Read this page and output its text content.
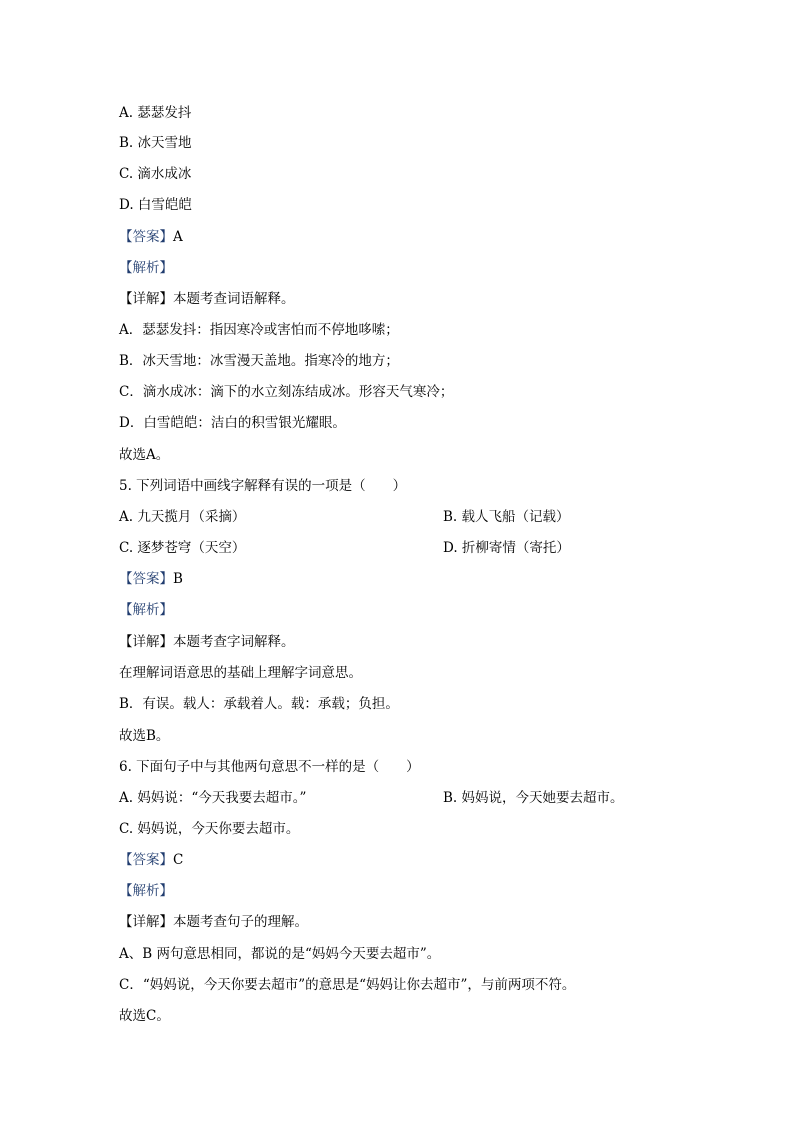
A. 瑟瑟发抖
B. 冰天雪地
C. 滴水成冰
D. 白雪皑皑
【答案】A
【解析】
【详解】本题考查词语解释。
A．瑟瑟发抖：指因寒冷或害怕而不停地哆嗦；
B．冰天雪地：冰雪漫天盖地。指寒冷的地方；
C．滴水成冰：滴下的水立刻冻结成冰。形容天气寒冷；
D．白雪皑皑：洁白的积雪银光耀眼。
故选A。
5. 下列词语中画线字解释有误的一项是（　　）
A. 九天揽月（采摘）	B. 载人飞船（记载）
C. 逐梦苍穹（天空）	D. 折柳寄情（寄托）
【答案】B
【解析】
【详解】本题考查字词解释。
在理解词语意思的基础上理解字词意思。
B．有误。载人：承载着人。载：承载；负担。
故选B。
6. 下面句子中与其他两句意思不一样的是（　　）
A. 妈妈说：“今天我要去超市。”	B. 妈妈说，今天她要去超市。
C. 妈妈说，今天你要去超市。
【答案】C
【解析】
【详解】本题考查句子的理解。
A、B 两句意思相同，都说的是“妈妈今天要去超市”。
C．“妈妈说，今天你要去超市”的意思是“妈妈让你去超市”，与前两项不符。
故选C。
